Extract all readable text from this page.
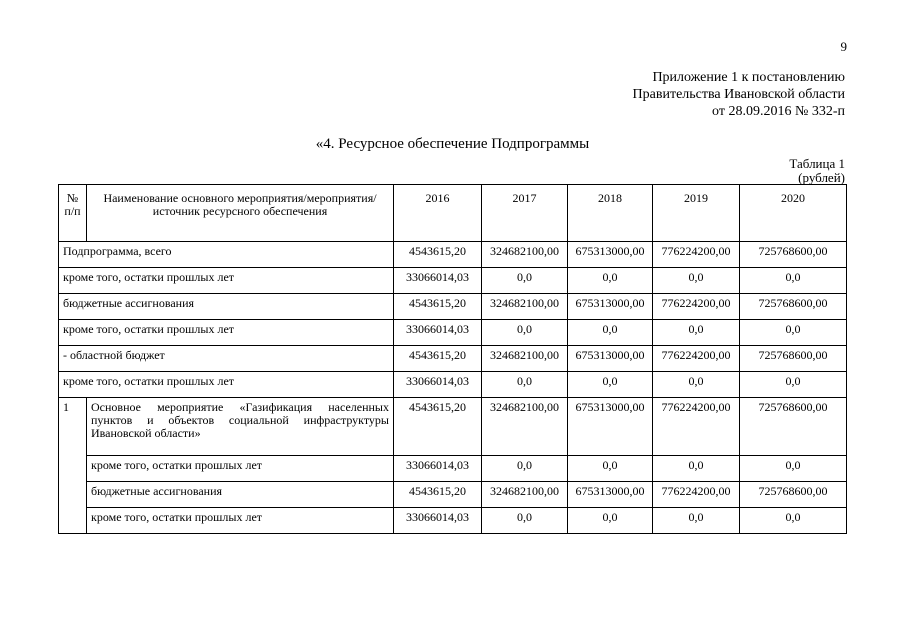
9
Приложение 1 к постановлению
Правительства Ивановской области
от 28.09.2016 № 332-п
«4. Ресурсное обеспечение Подпрограммы
Таблица 1
(рублей)
№ п/п	Наименование основного мероприятия/мероприятия/источник ресурсного обеспечения	2016	2017	2018	2019	2020
Подпрограмма, всего		4543615,20	324682100,00	675313000,00	776224200,00	725768600,00
кроме того, остатки прошлых лет		33066014,03	0,0	0,0	0,0	0,0
бюджетные ассигнования		4543615,20	324682100,00	675313000,00	776224200,00	725768600,00
кроме того, остатки прошлых лет		33066014,03	0,0	0,0	0,0	0,0
- областной бюджет		4543615,20	324682100,00	675313000,00	776224200,00	725768600,00
кроме того, остатки прошлых лет		33066014,03	0,0	0,0	0,0	0,0
1	Основное мероприятие «Газификация населенных пунктов и объектов социальной инфраструктуры Ивановской области»	4543615,20	324682100,00	675313000,00	776224200,00	725768600,00
	кроме того, остатки прошлых лет	33066014,03	0,0	0,0	0,0	0,0
	бюджетные ассигнования	4543615,20	324682100,00	675313000,00	776224200,00	725768600,00
	кроме того, остатки прошлых лет	33066014,03	0,0	0,0	0,0	0,0
